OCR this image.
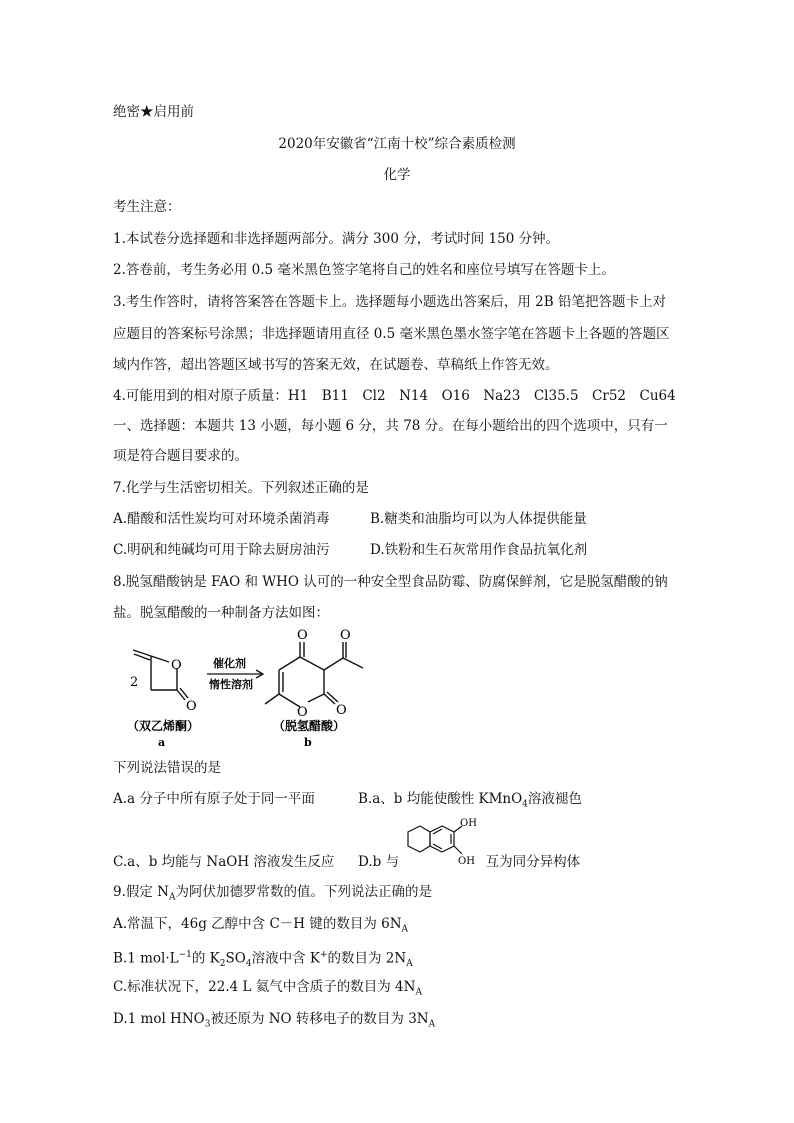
绝密★启用前
2020年安徽省“江南十校”综合素质检测
化学
考生注意：
1.本试卷分选择题和非选择题两部分。满分 300 分，考试时间 150 分钟。
2.答卷前，考生务必用 0.5 毫米黑色签字笔将自己的姓名和座位号填写在答题卡上。
3.考生作答时，请将答案答在答题卡上。选择题每小题选出答案后，用 2B 铅笔把答题卡上对
应题目的答案标号涂黑；非选择题请用直径 0.5 毫米黑色墨水签字笔在答题卡上各题的答题区
域内作答，超出答题区域书写的答案无效，在试题卷、草稿纸上作答无效。
4.可能用到的相对原子质量：H1　B11　Cl2　N14　O16　Na23　Cl35.5　Cr52　Cu64
一、选择题：本题共 13 小题，每小题 6 分，共 78 分。在每小题给出的四个选项中，只有一
项是符合题目要求的。
7.化学与生活密切相关。下列叙述正确的是
A.醋酸和活性炭均可对环境杀菌消毒	B.糖类和油脂均可以为人体提供能量
C.明矾和纯碱均可用于除去厨房油污	D.铁粉和生石灰常用作食品抗氧化剂
8.脱氢醋酸钠是 FAO 和 WHO 认可的一种安全型食品防霉、防腐保鲜剂，它是脱氢醋酸的钠
盐。脱氢醋酸的一种制备方法如图：
O
O
2
（双乙烯酮）
a
催化剂
惰性溶剂
O O
O O
（脱氢醋酸）
b
下列说法错误的是
A.a 分子中所有原子处于同一平面	B.a、b 均能使酸性 KMnO$_4$溶液褪色
C.a、b 均能与 NaOH 溶液发生反应 D.b 与	互为同分异构体
OH
OH
9.假定 $N_A$为阿伏加德罗常数的值。下列说法正确的是
A.常温下，46g 乙醇中含 C－H 键的数目为 $6N_A$
B.1 $mol\cdot L^{-1}$的 $K_2SO_4$溶液中含 K+的数目为 $2N_A$
C.标准状况下，22.4 L 氦气中含质子的数目为 $4N_A$
D.1 mol $HNO_3$被还原为 NO 转移电子的数目为 $3N_A$
